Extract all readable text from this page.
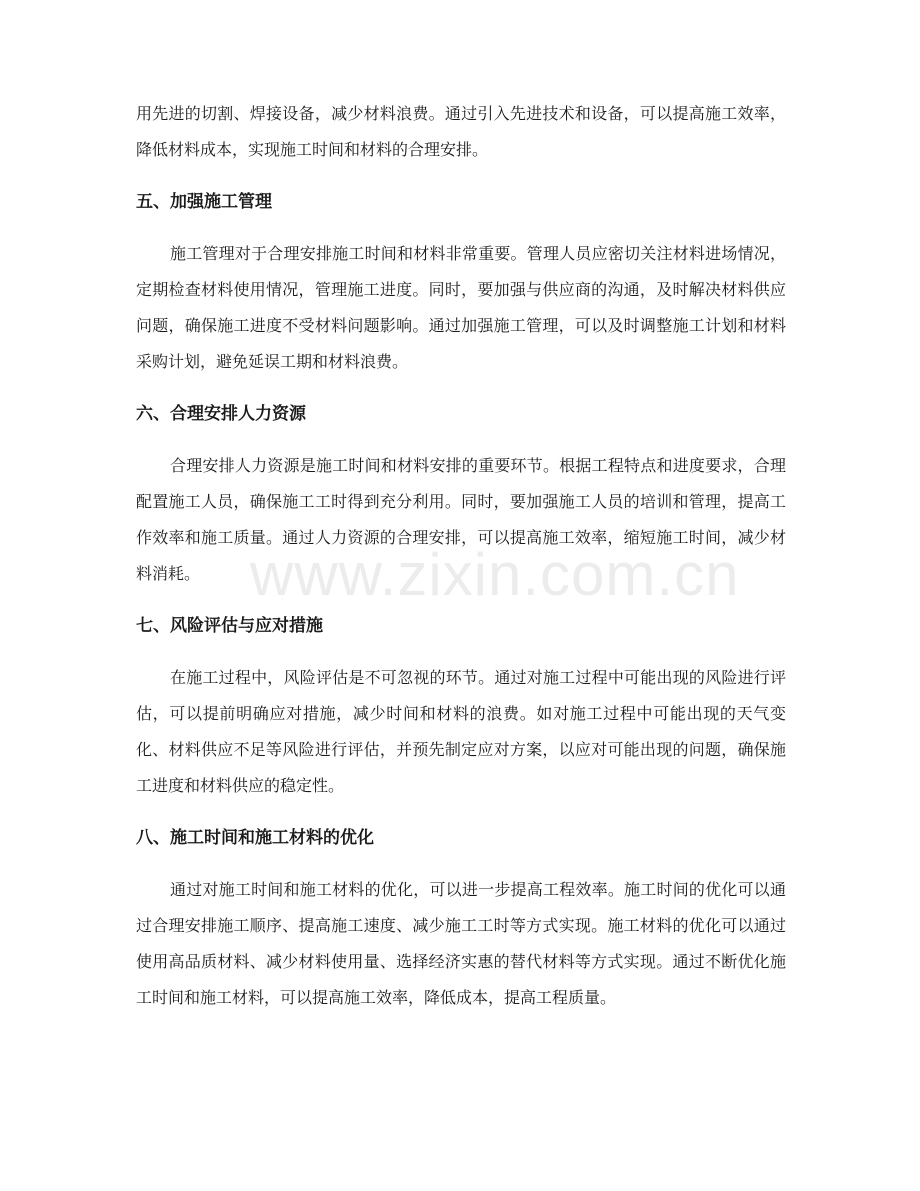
用先进的切割、焊接设备，减少材料浪费。通过引入先进技术和设备，可以提高施工效率，降低材料成本，实现施工时间和材料的合理安排。

五、加强施工管理

施工管理对于合理安排施工时间和材料非常重要。管理人员应密切关注材料进场情况，定期检查材料使用情况，管理施工进度。同时，要加强与供应商的沟通，及时解决材料供应问题，确保施工进度不受材料问题影响。通过加强施工管理，可以及时调整施工计划和材料采购计划，避免延误工期和材料浪费。

六、合理安排人力资源

合理安排人力资源是施工时间和材料安排的重要环节。根据工程特点和进度要求，合理配置施工人员，确保施工工时得到充分利用。同时，要加强施工人员的培训和管理，提高工作效率和施工质量。通过人力资源的合理安排，可以提高施工效率，缩短施工时间，减少材料消耗。

七、风险评估与应对措施

在施工过程中，风险评估是不可忽视的环节。通过对施工过程中可能出现的风险进行评估，可以提前明确应对措施，减少时间和材料的浪费。如对施工过程中可能出现的天气变化、材料供应不足等风险进行评估，并预先制定应对方案，以应对可能出现的问题，确保施工进度和材料供应的稳定性。

八、施工时间和施工材料的优化

通过对施工时间和施工材料的优化，可以进一步提高工程效率。施工时间的优化可以通过合理安排施工顺序、提高施工速度、减少施工工时等方式实现。施工材料的优化可以通过使用高品质材料、减少材料使用量、选择经济实惠的替代材料等方式实现。通过不断优化施工时间和施工材料，可以提高施工效率，降低成本，提高工程质量。

www.zixin.com.cn
